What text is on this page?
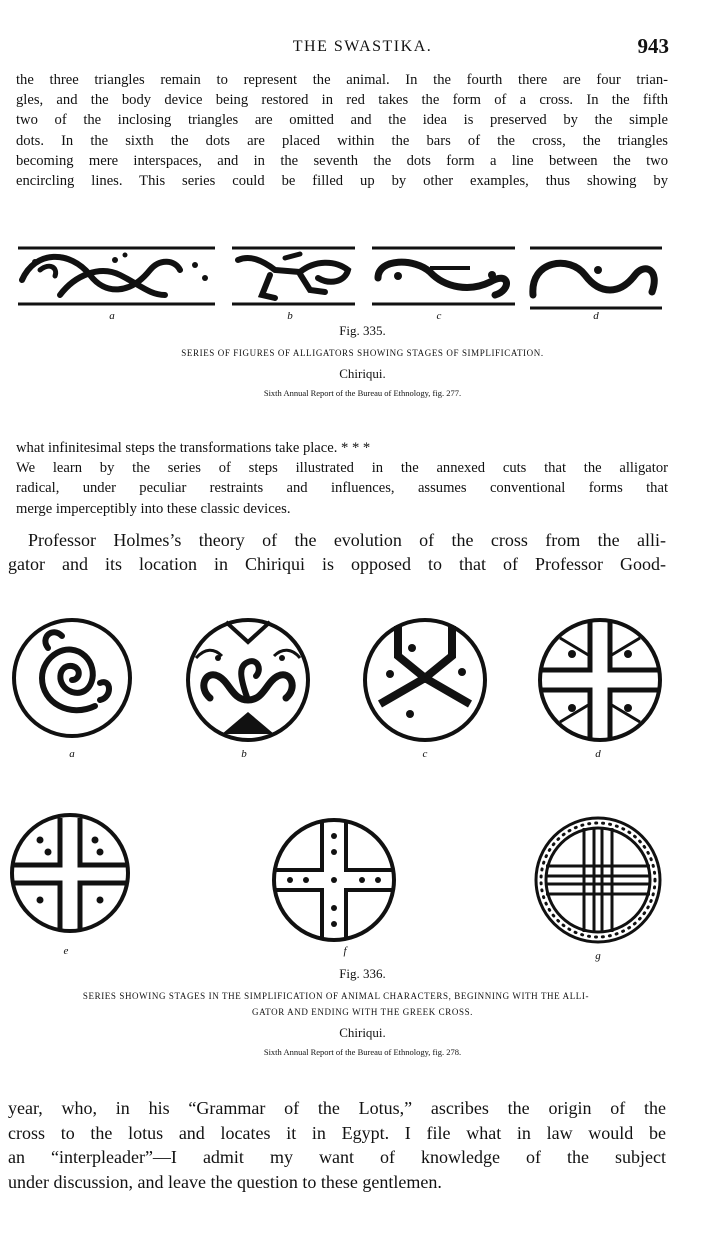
THE SWASTIKA.	943
the three triangles remain to represent the animal. In the fourth there are four trian-
gles, and the body device being restored in red takes the form of a cross. In the fifth
two of the inclosing triangles are omitted and the idea is preserved by the simple
dots. In the sixth the dots are placed within the bars of the cross, the triangles
becoming mere interspaces, and in the seventh the dots form a line between the two
encircling lines. This series could be filled up by other examples, thus showing by
a	b	c	d
Fig. 335.
SERIES OF FIGURES OF ALLIGATORS SHOWING STAGES OF SIMPLIFICATION.
Chiriqui.
Sixth Annual Report of the Bureau of Ethnology, fig. 277.
what infinitesimal steps the transformations take place. * * *
We learn by the series of steps illustrated in the annexed cuts that the alligator
radical, under peculiar restraints and influences, assumes conventional forms that
merge imperceptibly into these classic devices.
Professor Holmes’s theory of the evolution of the cross from the alli-
gator and its location in Chiriqui is opposed to that of Professor Good-
a	b	c	d
e	f	g
Fig. 336.
SERIES SHOWING STAGES IN THE SIMPLIFICATION OF ANIMAL CHARACTERS, BEGINNING WITH THE ALLI-
GATOR AND ENDING WITH THE GREEK CROSS.
Chiriqui.
Sixth Annual Report of the Bureau of Ethnology, fig. 278.
year, who, in his “Grammar of the Lotus,” ascribes the origin of the
cross to the lotus and locates it in Egypt. I file what in law would be
an “interpleader”—I admit my want of knowledge of the subject
under discussion, and leave the question to these gentlemen.
